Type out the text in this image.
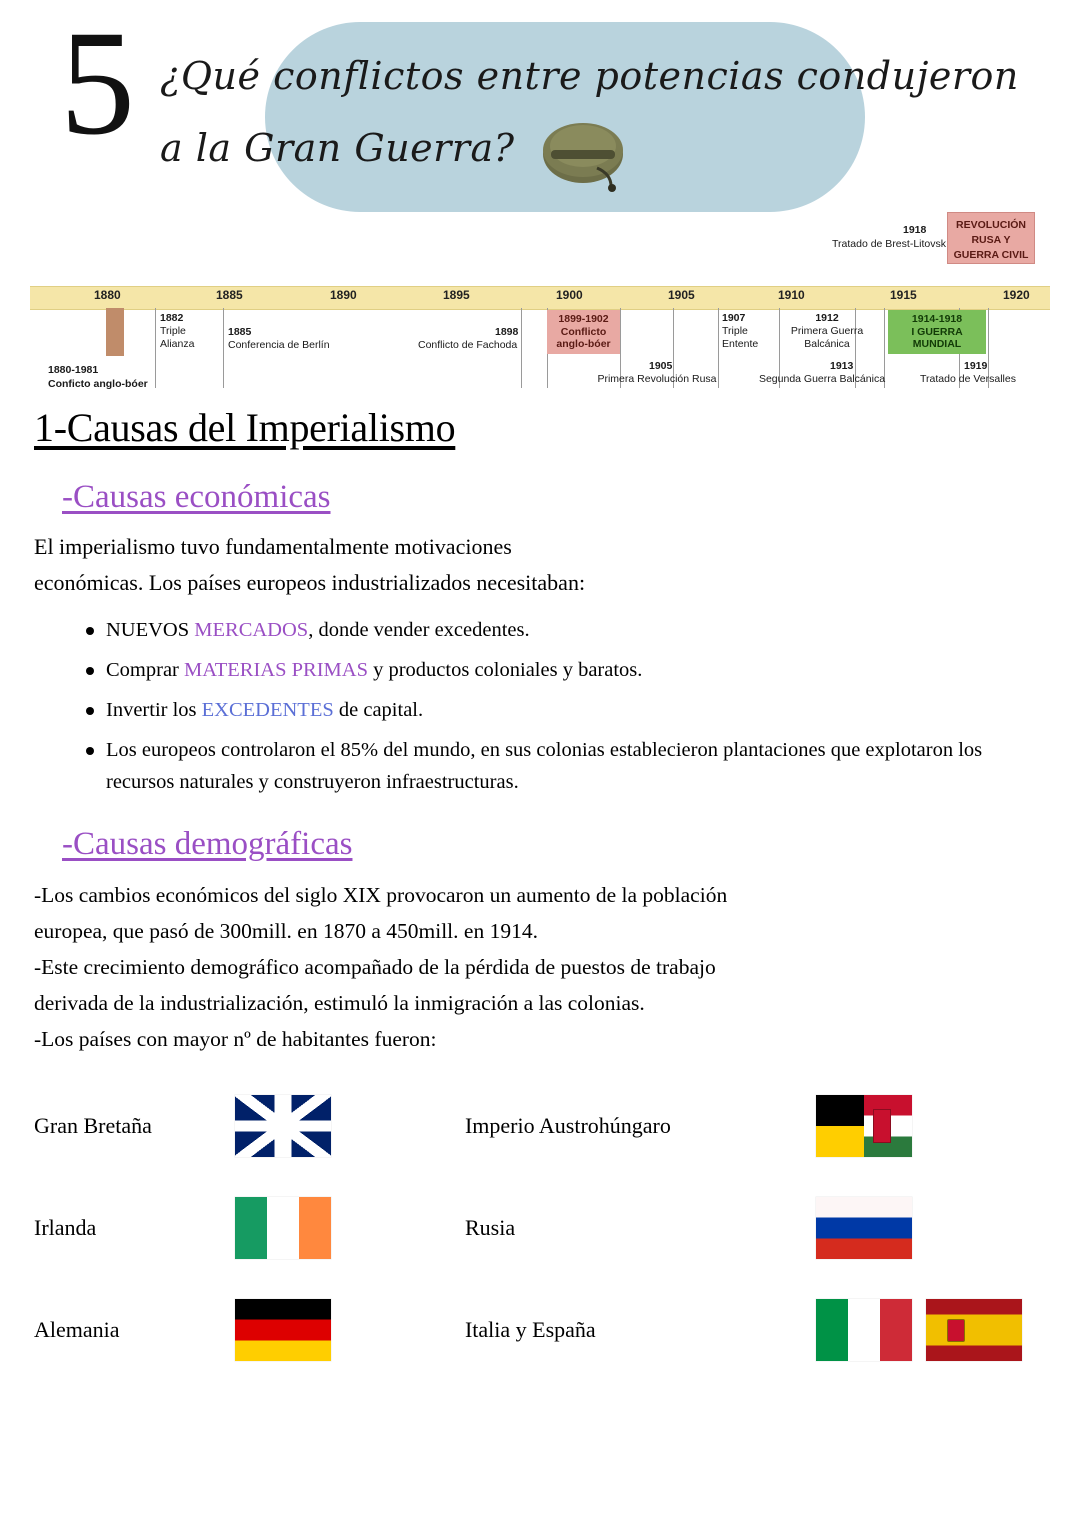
5 ¿Qué conflictos entre potencias condujeron a la Gran Guerra?
1880	1885	1890	1895	1900	1905	1910	1915	1920
1882
Triple Alianza
1885
Conferencia de Berlín
1898
Conflicto de Fachoda
1899-1902
Conflicto anglo-bóer
1905
Primera Revolución Rusa
1907
Triple Entente
1912
Primera Guerra Balcánica
1913
Segunda Guerra Balcánica
1914-1918
I GUERRA MUNDIAL
1918
Tratado de Brest-Litovsk
1919
Tratado de Versalles
REVOLUCIÓN RUSA Y GUERRA CIVIL
1880-1981
Conficto anglo-bóer
1-Causas del Imperialismo
-Causas económicas

El imperialismo tuvo fundamentalmente motivaciones

económicas. Los países europeos industrializados necesitaban:

NUEVOS MERCADOS, donde vender excedentes.
Comprar MATERIAS PRIMAS y productos coloniales y baratos.
Invertir los EXCEDENTES de capital.
Los europeos controlaron el 85% del mundo, en sus colonias establecieron plantaciones que explotaron los recursos naturales y construyeron infraestructuras.
-Causas demográficas

-Los cambios económicos del siglo XIX provocaron un aumento de la población

europea, que pasó de 300mill. en 1870 a 450mill. en 1914.

-Este crecimiento demográfico acompañado de la pérdida de puestos de trabajo

derivada de la industrialización, estimuló la inmigración a las colonias.

-Los países con mayor nº de habitantes fueron:

Gran Bretaña		Imperio Austrohúngaro	

Irlanda		Rusia	
Alemania		Italia y España	
